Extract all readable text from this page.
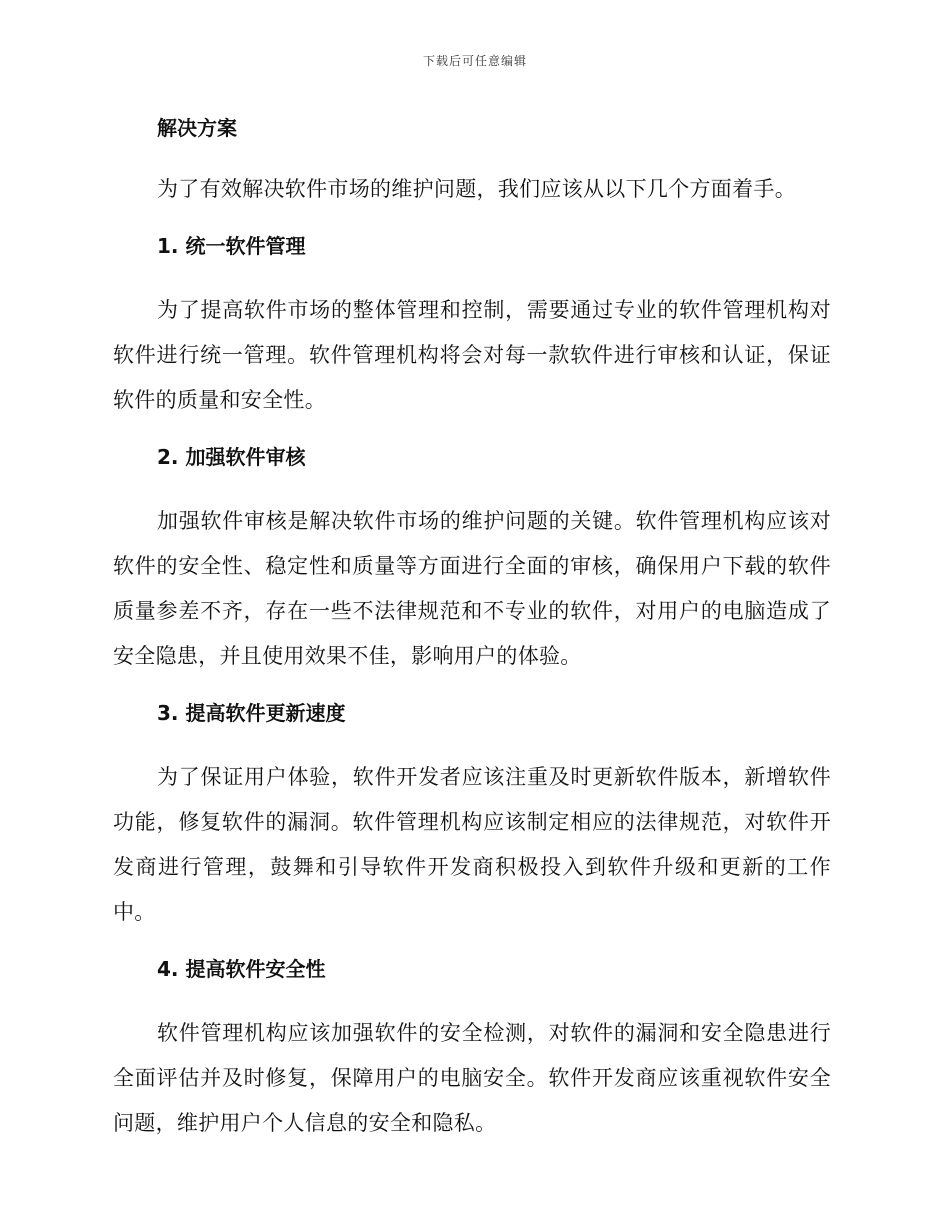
下载后可任意编辑
解决方案

为了有效解决软件市场的维护问题，我们应该从以下几个方面着手。

1. 统一软件管理

为了提高软件市场的整体管理和控制，需要通过专业的软件管理机构对软件进行统一管理。软件管理机构将会对每一款软件进行审核和认证，保证软件的质量和安全性。

2. 加强软件审核

加强软件审核是解决软件市场的维护问题的关键。软件管理机构应该对软件的安全性、稳定性和质量等方面进行全面的审核，确保用户下载的软件质量参差不齐，存在一些不法律规范和不专业的软件，对用户的电脑造成了安全隐患，并且使用效果不佳，影响用户的体验。

3. 提高软件更新速度

为了保证用户体验，软件开发者应该注重及时更新软件版本，新增软件功能，修复软件的漏洞。软件管理机构应该制定相应的法律规范，对软件开发商进行管理，鼓舞和引导软件开发商积极投入到软件升级和更新的工作中。

4. 提高软件安全性

软件管理机构应该加强软件的安全检测，对软件的漏洞和安全隐患进行全面评估并及时修复，保障用户的电脑安全。软件开发商应该重视软件安全问题，维护用户个人信息的安全和隐私。
